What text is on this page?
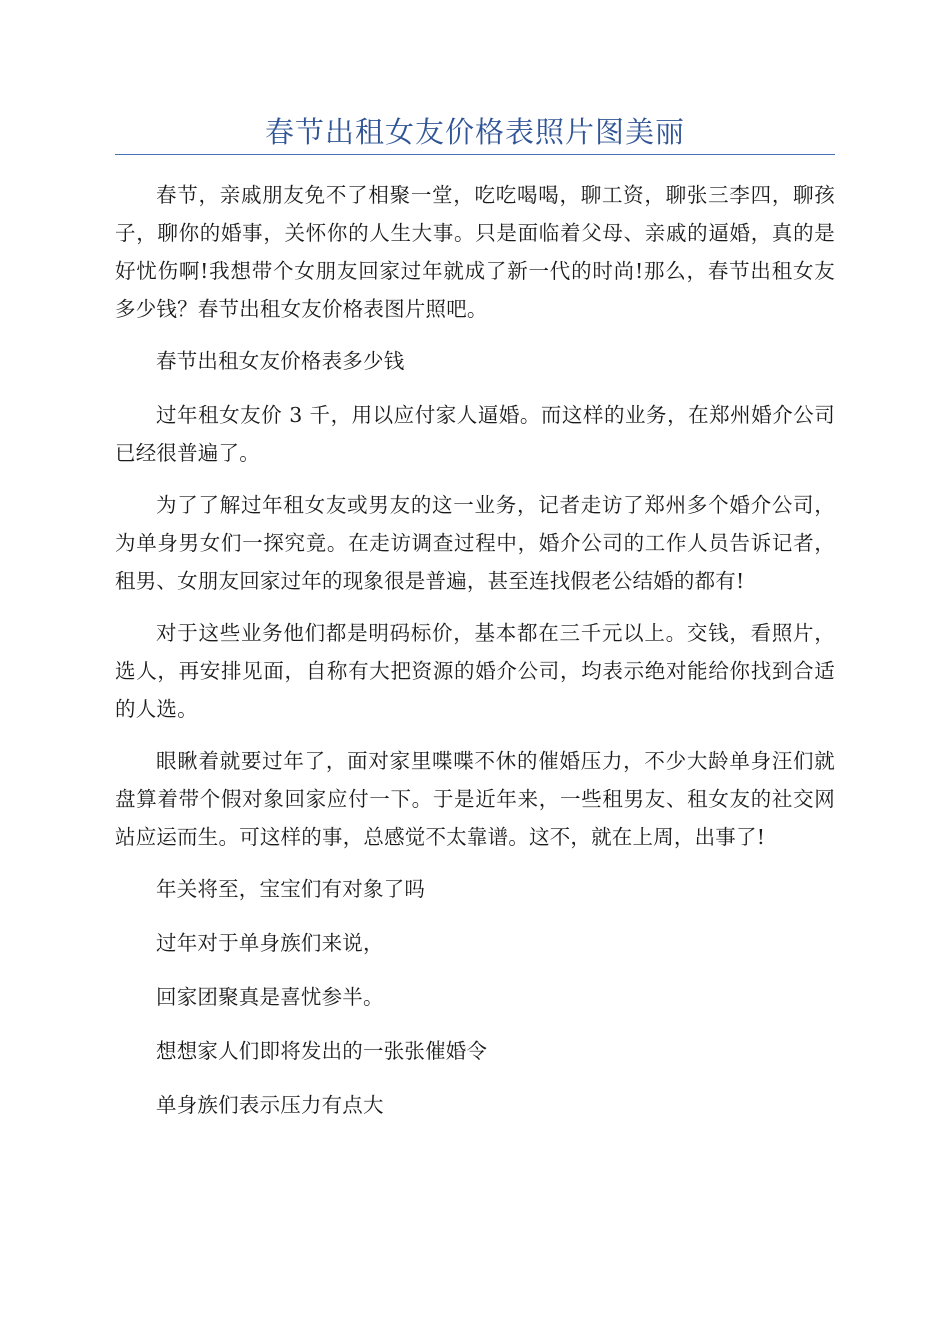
春节出租女友价格表照片图美丽

春节，亲戚朋友免不了相聚一堂，吃吃喝喝，聊工资，聊张三李四，聊孩子，聊你的婚事，关怀你的人生大事。只是面临着父母、亲戚的逼婚，真的是好忧伤啊!我想带个女朋友回家过年就成了新一代的时尚!那么，春节出租女友多少钱？春节出租女友价格表图片照吧。

春节出租女友价格表多少钱

过年租女友价 3 千，用以应付家人逼婚。而这样的业务，在郑州婚介公司已经很普遍了。

为了了解过年租女友或男友的这一业务，记者走访了郑州多个婚介公司，为单身男女们一探究竟。在走访调查过程中，婚介公司的工作人员告诉记者，租男、女朋友回家过年的现象很是普遍，甚至连找假老公结婚的都有!

对于这些业务他们都是明码标价，基本都在三千元以上。交钱，看照片，选人，再安排见面，自称有大把资源的婚介公司，均表示绝对能给你找到合适的人选。

眼瞅着就要过年了，面对家里喋喋不休的催婚压力，不少大龄单身汪们就盘算着带个假对象回家应付一下。于是近年来，一些租男友、租女友的社交网站应运而生。可这样的事，总感觉不太靠谱。这不，就在上周，出事了!

年关将至，宝宝们有对象了吗

过年对于单身族们来说，

回家团聚真是喜忧参半。

想想家人们即将发出的一张张催婚令

单身族们表示压力有点大
